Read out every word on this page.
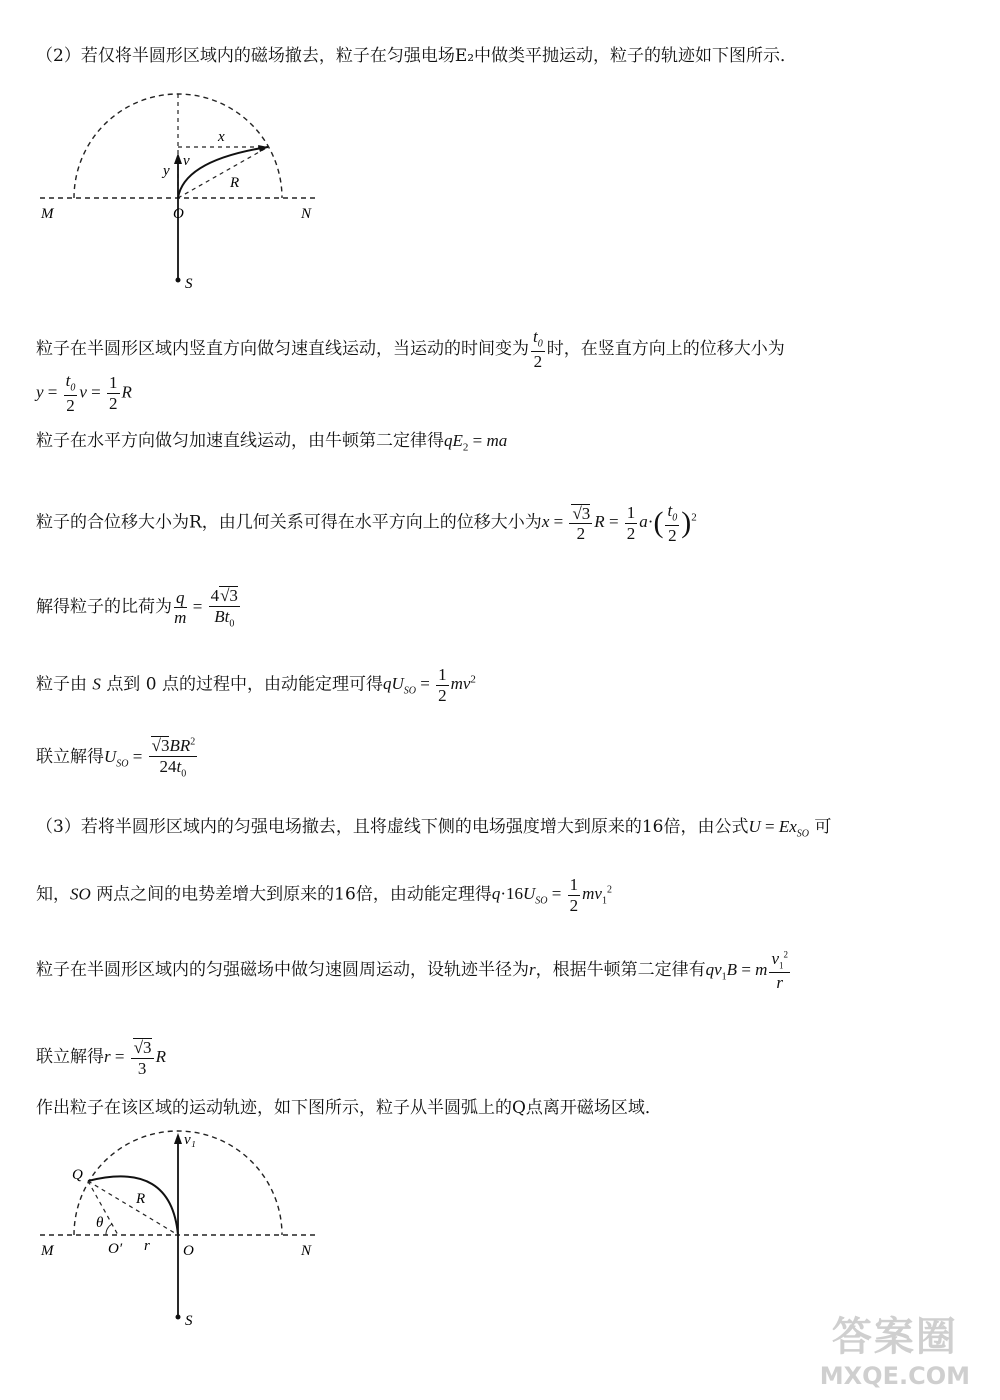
（2）若仅将半圆形区域内的磁场撤去，粒子在匀强电场E₂中做类平抛运动，粒子的轨迹如下图所示．
x
y
v
R
M	O	N
S
粒子在半圆形区域内竖直方向做匀速直线运动，当运动的时间变为 $\frac{t_0}{2}$ 时，在竖直方向上的位移大小为
$y = \frac{t_0}{2}$ $v = \frac{1}{2}$ R
粒子在水平方向做匀加速直线运动，由牛顿第二定律得$qE_2$ = ma
粒子的合位移大小为R，由几何关系可得在水平方向上的位移大小为$x = \frac{√3}{2}$ $R = \frac{1}{2} a\cdot( \frac{t_0}{2} )^2$
解得粒子的比荷为 $\frac{q}{m} = \frac{4√3}{Bt_0}$
粒子由 S 点到 0 点的过程中，由动能定理可得$qU_{SO} = \frac{1}{2} mv^2$
联立解得$U_{SO} = \frac{√3BR^2}{24t_0}$
（3）若将半圆形区域内的匀强电场撤去，且将虚线下侧的电场强度增大到原来的16倍，由公式$U = Ex_{SO}$ 可
知，SO 两点之间的电势差增大到原来的16倍，由动能定理得$q\cdot 16U_{SO} = \frac{1}{2} mv_1^2$
粒子在半圆形区域内的匀强磁场中做匀速圆周运动，设轨迹半径为r，根据牛顿第二定律有$qv_1B = m \frac{v_1^2}{r}$
联立解得$r = \frac{√3}{3}$ R
作出粒子在该区域的运动轨迹，如下图所示，粒子从半圆弧上的Q点离开磁场区域．
v₁
Q
R
θ
O′ r
M	O	N
S	答案圈
MXQE.COM
